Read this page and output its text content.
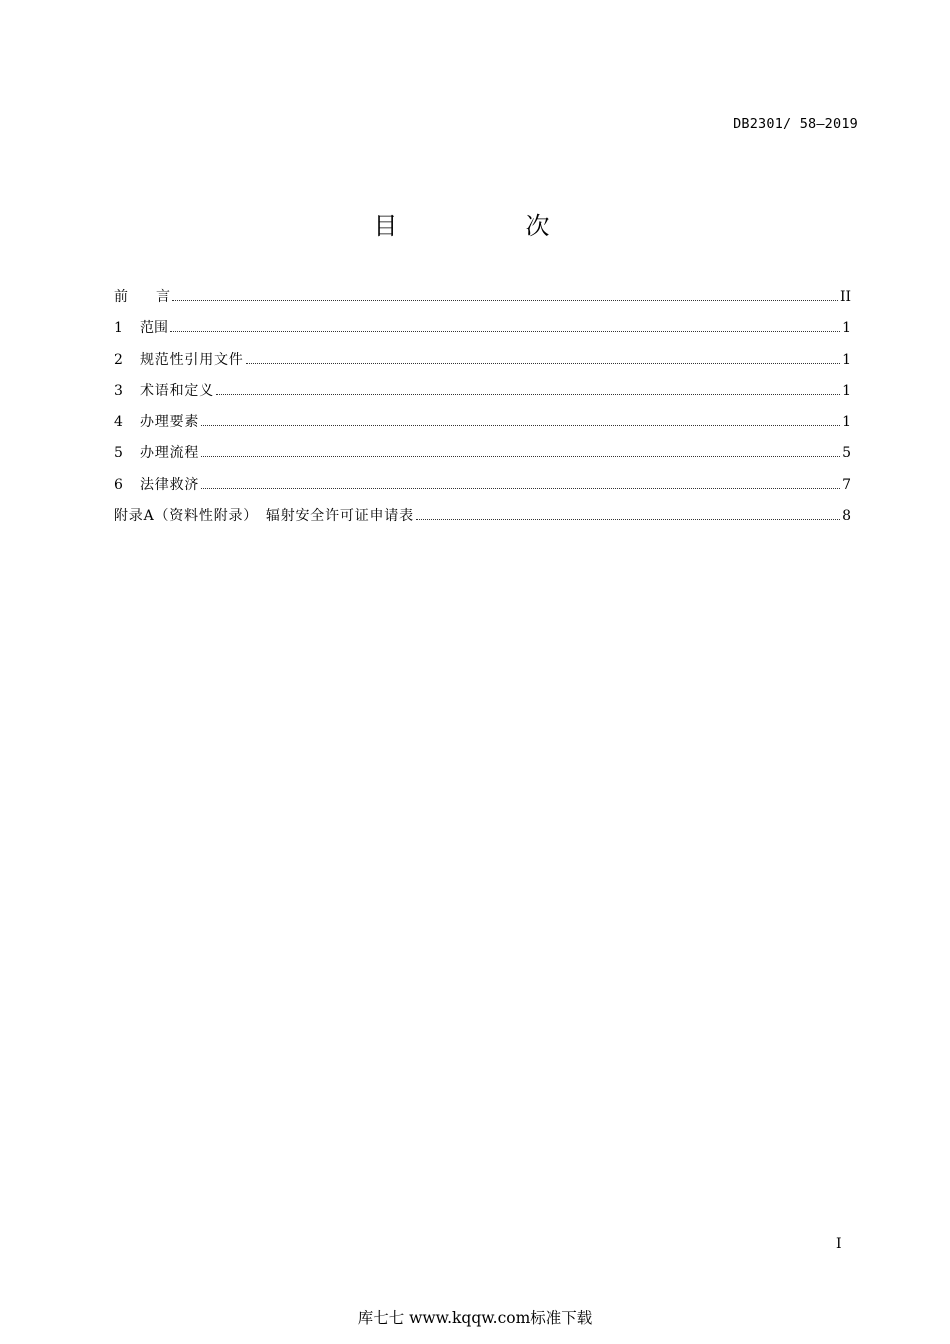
DB2301/ 58—2019
目　次
前　　言	II
1	范围	1
2	规范性引用文件	1
3	术语和定义	1
4	办理要素	1
5	办理流程	5
6	法律救济	7
附录A（资料性附录）　辐射安全许可证申请表	8
I
库七七 www.kqqw.com标准下载
